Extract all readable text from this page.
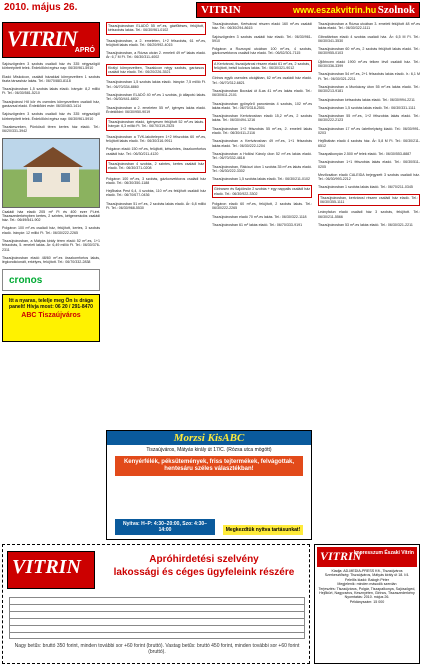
2010. május 26.	VITRIN	www.eszakvitrin.hu Szolnok
VITRIN
APRÓ
Sajószögeden 3 szobás családi ház és 335 négyszögöl körbeépített telek. Érdeklődni egész nap: 06/30/961-5910
Eladó Miskolcon, családi házakkal környezetben 1 szobás tiszta társasház lakás. Tel.: 06/70/883-8118
Tiszaújvárosban 1,5 szobás lakás eladó. Irányár: 8,2 millió Ft. Tel.: 06/30/581-5210
Tiszaújvárosi Hő kör és csendes környezetben családi ház, garázzsal eladó. Érdeklődni este: 06/30/463-1414
Sajószögeden 3 szobás családi ház és 335 négyszögöl körbeépített telek. Érdeklődni egész nap: 06/30/961-5910
Tiszakeszeken, Pünkösdi téren kertes ház eladó. Tel.: 06/20/331-3942
Családi ház eladó 205 m² Ft és 400 ezer Ft-ért. Tiszaszederkényben kertes, 2 szintes, kétgenerációs családi ház. Tel.: 06/49/541-902
Polgáron 100 m²-es családi ház, felújított, kertes, 3 szobás eladó. Irányár: 12 millió Ft. Tel.: 06/30/222-2265
Tiszaújvárosban, a Mátyás király téren eladó 52 m²-es, 1+1 félszobás, 5. emeleti lakás. Ár: 6,49 millió Ft. Tel.: 06/30/376-2311
Tiszaújvárosban eladó 48/60 m²-es összkomfortos lakás, légkondicionált, erkélyes, felújított. Tel.: 06/70/332-2838
cronos
Itt a nyaras, telelje meg Ön is drága panelt! Hívja most: 06 20 / 291-8470
ABC Tiszaújváros
Tiszaújvárosban ELADÓ 55 m²-es, gázfűtéses, felújított, kétszobás lakás. Tel.: 06/30/961-0102
Tiszaújvárosban, a 2. emeleten, 1+2 félszobás, 61 m²-es, felújított lakás eladó. Tel.: 06/20/992-4015
Tiszaújvárosban, a Rózsa utcán 2. emeleti 49 m² lakás eladó. Ár: 6,7 M Ft. Tel.: 06/30/311-4002
Királyi környezetben, Tiszalúcon négy szobás, garázsos családi ház eladó. Tel.: 06/20/226-3521
Tiszaújvárosban 1,5 szobás lakás eladó. Irányár: 7,5 millió Ft. Tel.: 06/70/334-8860
Tiszaújvárosban ELADÓ 40 m²-es 1 szobás, jó állapotú lakás. Tel.: 06/30/441-6802
Tiszaújvárosban a 2. emeleten 55 m², igényes lakás eladó. Érdeklődni: 06/30/950-9019
Tiszaújvárosban eladó, igényesen felújított 52 m²-es lakás. Irányár: 6,3 millió Ft. Tel.: 06/70/319-2525
Tiszaújvárosban a TVK-lakótelepen 1+2 félszobás 60 m²-es, felújított lakás eladó. Tel.: 06/30/316-9911
Polgáron eladó 150 m²-es, felújított, kétszintes, összkomfortos családi ház. Tel.: 06/30/211-4120
Tiszaújvárosban 4 szobás, 2 szintes, kertes családi ház eladó. Tel.: 06/30/371-0208
Polgáron 100 m²-es, 3 szobás, gázkonvektoros családi ház eladó. Tel.: 06/30/350-1188
Hejőbaba Pest 6,4, 4 szobás, 110 m²-es felújított családi ház eladó. Tel.: 06/70/677-0436
Tiszaújvárosban 51 m²-es, 2 szobás lakás eladó. Ár: 6,8 millió Ft. Tel.: 06/30/968-5530
Tiszaújvárosban, Kertvárosi részen eladó 160 m²-es családi ház. Tel.: 06/30/294-8615
Sajószögeden 3 szobás családi ház eladó. Tel.: 06/30/961-5910
Polgáron a Rozsnyai utcában 100 m²-es, 4 szobás, gázkonvektoros családi ház eladó. Tel.: 06/52/301-7115
A Kertvárosi, tiszaújvárosi részen eladó 61 m²-es, 2 szobás, felújított, belső kulcsos lakás. Tel.: 06/30/321-9012
Girincs egyik csendes utcájában, 62 m²-es családi ház eladó. Tel.: 06/70/312-6821
Tiszaújvárosban Bocskai út 8-as 41 m²-es lakás eladó. Tel.: 06/30/611-2101
Tiszaújvárosban gyönyörű panorámás 4 szobás, 102 m²-es lakás eladó. Tel.: 06/70/318-2501
Tiszaújvárosban Kertvárosban eladó 15,2 m²-es, 2 szobás lakás. Tel.: 06/30/494-1216
Tiszaújvárosban 1+2 félszobás 55 m²-es, 2. emeleti lakás eladó. Tel.: 06/30/411-2116
Tiszaújvárosban a Kertvárosban 49 m²-es, 1+1 félszobás lakás eladó. Tel.: 06/30/222-1204
Tiszaújvárosban a Hollósi Károly úton 52 m²-es lakás eladó. Tel.: 06/70/332-4818
Tiszaújvárosban, Rákóczi úton 1 szobás 35 m²-es lakás eladó. Tel.: 06/30/222-3302
Tiszaújvárosban 1,5 szobás lakás eladó. Tel.: 06/30/211-0102
Girincsen és Sajóörsön 2 szobás + egy nappalis családi ház eladó. Tel.: 06/30/922-3302
Polgáron eladó 60 m²-es, felújított, 2 szobás lakás. Tel.: 06/30/222-2265
Tiszaújvárosban eladó 70 m²-es lakás. Tel.: 06/30/322-1118
Tiszaújvárosban 61 m² lakás eladó. Tel.: 06/70/333-9191
Tiszaújvárosban a Rózsa utcában 3. emeleti felújított 48 m²-es lakás eladó. Tel.: 06/30/322-1111
Gibraltárban eladó 4 szobás családi ház. Ár: 6,5 M Ft. Tel.: 06/30/341-3530
Tiszaújvárosban 60 m²-es, 2 szobás felújított lakás eladó. Tel.: 06/30/955-0103
Újlőrincen eladó 1900 m²-es telken lévő családi ház. Tel.: 06/30/336-3399
Tiszaújvárosban 54 m²-es, 2+1 félszobás lakás eladó. Ir.: 6,1 M Ft. Tel.: 06/30/321-2211
Tiszaújvárosban a Munkácsy úton 55 m²-es lakás eladó. Tel.: 06/30/213-9181
Tiszaújvárosban kétszobás lakás eladó. Tel.: 06/30/994-2211
Tiszaújvárosban 1,5 szobás lakás eladó. Tel.: 06/30/331-1111
Tiszaújvárosban 55 m²-es, 1+2 félszobás lakás eladó. Tel.: 06/30/222-2123
Tiszaújvárosban 17 m²-es üzlethelyiség kiadó. Tel.: 06/30/991-0203
Hejőbábán eladó 4 szobás ház. Ár: 5,8 M Ft. Tel.: 06/30/211-6512
Tiszapalkonyán 2.500 m² telek eladó. Tel.: 06/30/553-8887
Tiszaújvárosban 1+1 félszobás lakás eladó. Tel.: 06/30/511-0205
Mezőcsáton eladó CALEIDA bejegyzett 3 szobás családi ház. Tel.: 06/30/993-2212
Tiszaújvárosban 1 szobás lakás kiadó. Tel.: 06/70/211-0345
Tiszaújvárosban, kertvárosi részen családi ház eladó. Tel.: 06/30/355-1111
Leányfalun eladó családi ház 3 szobás, felújított. Tel.: 06/30/211-5566
Tiszaújvárosban 53 m²-es lakás eladó. Tel.: 06/30/321-2211
Morzsi KisABC
Tiszaújváros, Mátyás király út 17/C. (Rózsa utca mögött)
Kenyérfélék, péksütemények, friss tejtermékek, felvágottak, hentesáru széles választékban!
Nyitva: H–P: 4:30–20:00, Szo: 4:30–14:00	Megkezdtük nyitva tartásunkat!
VITRIN	Apróhirdetési szelvény
lakossági és céges ügyfeleink részére
Nagy betűs: bruttó 350 forint, minden további sor +60 forint (bruttó). Vastag betűs: bruttó 450 forint, minden további sor +60 forint (bruttó).
VITRIN
Impresszum Északi Vitrin

Kiadja: AD-MEDIA-PRESS Kft., Tiszaújváros

Szerkesztőség: Tiszaújváros, Mátyás király út 18. I/4.

Felelős kiadó: Balogh Péter

Megjelenik: minden második szerdán

Terjesztés: Tiszaújváros, Polgár, Tiszapalkonya, Sajószöged, Hejőkürt, Nagycsécs, Kesznyéten, Girincs, Tiszaszederkény

Nyomtatás: 2010. május 26.

Példányszám: 15 000
